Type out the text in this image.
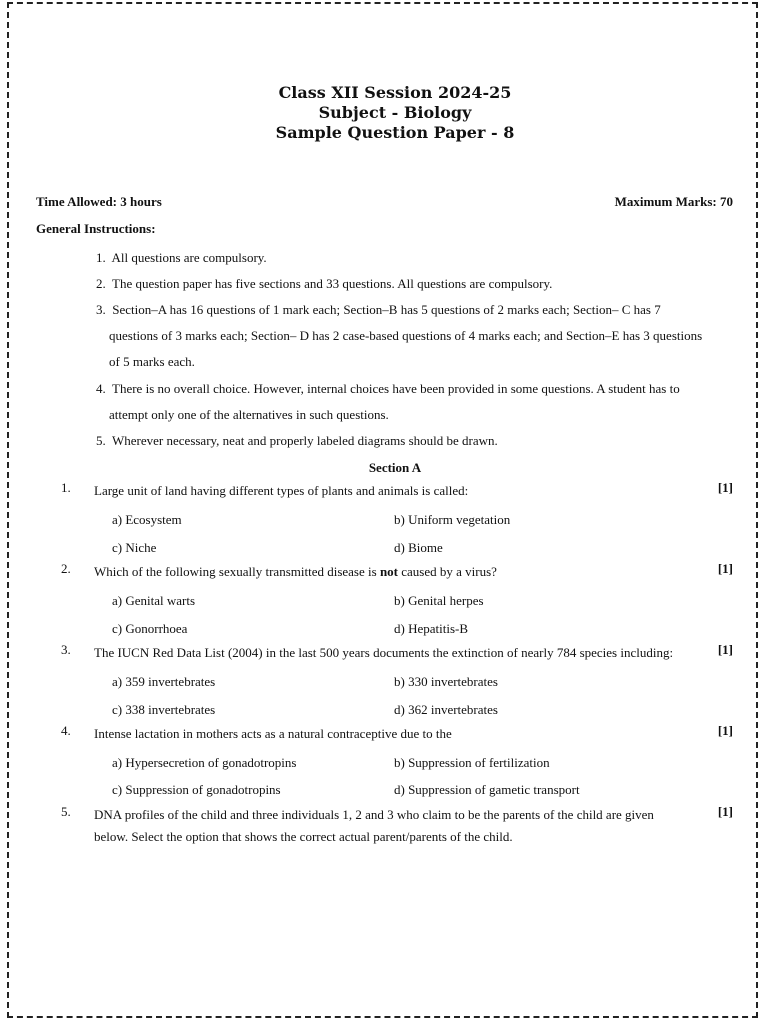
Class XII Session 2024-25
Subject - Biology
Sample Question Paper - 8
Time Allowed: 3 hours	Maximum Marks: 70
General Instructions:
1. All questions are compulsory.
2. The question paper has five sections and 33 questions. All questions are compulsory.
3. Section–A has 16 questions of 1 mark each; Section–B has 5 questions of 2 marks each; Section– C has 7
questions of 3 marks each; Section– D has 2 case-based questions of 4 marks each; and Section–E has 3 questions
of 5 marks each.
4. There is no overall choice. However, internal choices have been provided in some questions. A student has to
attempt only one of the alternatives in such questions.
5. Wherever necessary, neat and properly labeled diagrams should be drawn.
Section A
1. Large unit of land having different types of plants and animals is called:	[1]
a) Ecosystem	b) Uniform vegetation
c) Niche	d) Biome
2. Which of the following sexually transmitted disease is not caused by a virus?	[1]
a) Genital warts	b) Genital herpes
c) Gonorrhoea	d) Hepatitis-B
3. The IUCN Red Data List (2004) in the last 500 years documents the extinction of nearly 784 species including:	[1]
a) 359 invertebrates	b) 330 invertebrates
c) 338 invertebrates	d) 362 invertebrates
4. Intense lactation in mothers acts as a natural contraceptive due to the	[1]
a) Hypersecretion of gonadotropins	b) Suppression of fertilization
c) Suppression of gonadotropins	d) Suppression of gametic transport
5. DNA profiles of the child and three individuals 1, 2 and 3 who claim to be the parents of the child are given
below. Select the option that shows the correct actual parent/parents of the child.
[1]
